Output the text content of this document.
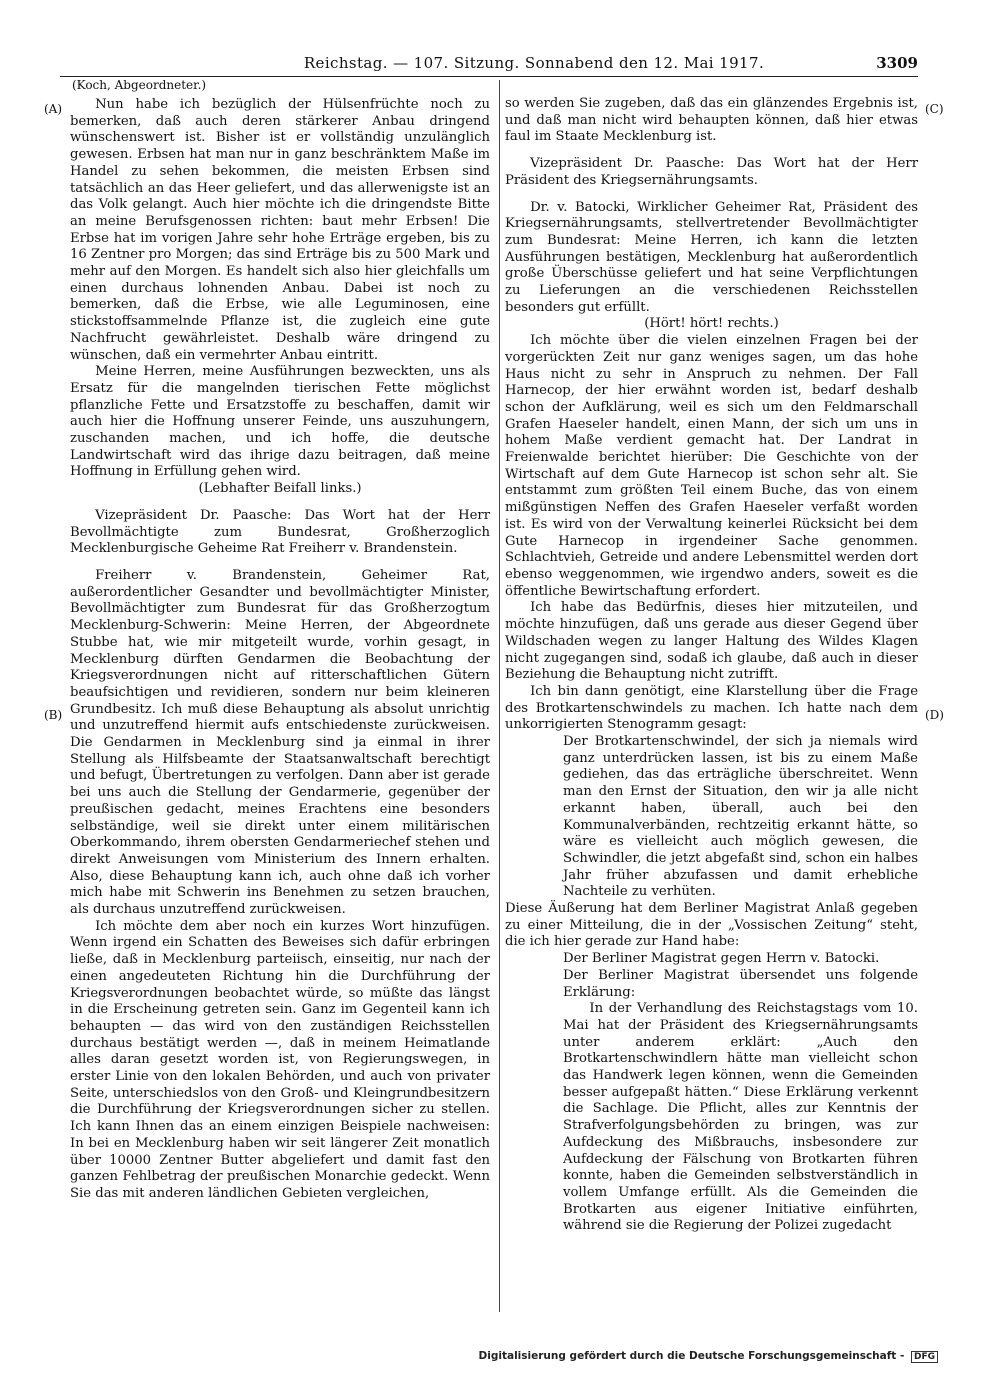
Reichstag. — 107. Sitzung. Sonnabend den 12. Mai 1917.	3309
(Koch, Abgeordneter.)
(A)
(B)
(C)
(D)

Nun habe ich bezüglich der Hülsenfrüchte noch zu bemerken, daß auch deren stärkerer Anbau dringend wünschenswert ist. Bisher ist er vollständig unzulänglich gewesen. Erbsen hat man nur in ganz beschränktem Maße im Handel zu sehen bekommen, die meisten Erbsen sind tatsächlich an das Heer geliefert, und das allerwenigste ist an das Volk gelangt. Auch hier möchte ich die dringendste Bitte an meine Berufsgenossen richten: baut mehr Erbsen! Die Erbse hat im vorigen Jahre sehr hohe Erträge ergeben, bis zu 16 Zentner pro Morgen; das sind Erträge bis zu 500 Mark und mehr auf den Morgen. Es handelt sich also hier gleichfalls um einen durchaus lohnenden Anbau. Dabei ist noch zu bemerken, daß die Erbse, wie alle Leguminosen, eine stickstoffsammelnde Pflanze ist, die zugleich eine gute Nachfrucht gewährleistet. Deshalb wäre dringend zu wünschen, daß ein vermehrter Anbau eintritt.

Meine Herren, meine Ausführungen bezweckten, uns als Ersatz für die mangelnden tierischen Fette möglichst pflanzliche Fette und Ersatzstoffe zu beschaffen, damit wir auch hier die Hoffnung unserer Feinde, uns auszuhungern, zuschanden machen, und ich hoffe, die deutsche Landwirtschaft wird das ihrige dazu beitragen, daß meine Hoffnung in Erfüllung gehen wird.

(Lebhafter Beifall links.)

Vizepräsident Dr. Paasche: Das Wort hat der Herr Bevollmächtigte zum Bundesrat, Großherzoglich Mecklenburgische Geheime Rat Freiherr v. Brandenstein.

Freiherr v. Brandenstein, Geheimer Rat, außerordentlicher Gesandter und bevollmächtigter Minister, Bevollmächtigter zum Bundesrat für das Großherzogtum Mecklenburg-Schwerin: Meine Herren, der Abgeordnete Stubbe hat, wie mir mitgeteilt wurde, vorhin gesagt, in Mecklenburg dürften Gendarmen die Beobachtung der Kriegsverordnungen nicht auf ritterschaftlichen Gütern beaufsichtigen und revidieren, sondern nur beim kleineren Grundbesitz. Ich muß diese Behauptung als absolut unrichtig und unzutreffend hiermit aufs entschiedenste zurückweisen. Die Gendarmen in Mecklenburg sind ja einmal in ihrer Stellung als Hilfsbeamte der Staatsanwaltschaft berechtigt und befugt, Übertretungen zu verfolgen. Dann aber ist gerade bei uns auch die Stellung der Gendarmerie, gegenüber der preußischen gedacht, meines Erachtens eine besonders selbständige, weil sie direkt unter einem militärischen Oberkommando, ihrem obersten Gendarmeriechef stehen und direkt Anweisungen vom Ministerium des Innern erhalten. Also, diese Behauptung kann ich, auch ohne daß ich vorher mich habe mit Schwerin ins Benehmen zu setzen brauchen, als durchaus unzutreffend zurückweisen.

Ich möchte dem aber noch ein kurzes Wort hinzufügen. Wenn irgend ein Schatten des Beweises sich dafür erbringen ließe, daß in Mecklenburg parteiisch, einseitig, nur nach der einen angedeuteten Richtung hin die Durchführung der Kriegsverordnungen beobachtet würde, so müßte das längst in die Erscheinung getreten sein. Ganz im Gegenteil kann ich behaupten — das wird von den zuständigen Reichsstellen durchaus bestätigt werden —, daß in meinem Heimatlande alles daran gesetzt worden ist, von Regierungswegen, in erster Linie von den lokalen Behörden, und auch von privater Seite, unterschiedslos von den Groß- und Kleingrundbesitzern die Durchführung der Kriegsverordnungen sicher zu stellen. Ich kann Ihnen das an einem einzigen Beispiele nachweisen: In bei en Mecklenburg haben wir seit längerer Zeit monatlich über 10000 Zentner Butter abgeliefert und damit fast den ganzen Fehlbetrag der preußischen Monarchie gedeckt. Wenn Sie das mit anderen ländlichen Gebieten vergleichen,

so werden Sie zugeben, daß das ein glänzendes Ergebnis ist, und daß man nicht wird behaupten können, daß hier etwas faul im Staate Mecklenburg ist.

Vizepräsident Dr. Paasche: Das Wort hat der Herr Präsident des Kriegsernährungsamts.

Dr. v. Batocki, Wirklicher Geheimer Rat, Präsident des Kriegsernährungsamts, stellvertretender Bevollmächtigter zum Bundesrat: Meine Herren, ich kann die letzten Ausführungen bestätigen, Mecklenburg hat außerordentlich große Überschüsse geliefert und hat seine Verpflichtungen zu Lieferungen an die verschiedenen Reichsstellen besonders gut erfüllt.

(Hört! hört! rechts.)

Ich möchte über die vielen einzelnen Fragen bei der vorgerückten Zeit nur ganz weniges sagen, um das hohe Haus nicht zu sehr in Anspruch zu nehmen. Der Fall Harnecop, der hier erwähnt worden ist, bedarf deshalb schon der Aufklärung, weil es sich um den Feldmarschall Grafen Haeseler handelt, einen Mann, der sich um uns in hohem Maße verdient gemacht hat. Der Landrat in Freienwalde berichtet hierüber: Die Geschichte von der Wirtschaft auf dem Gute Harnecop ist schon sehr alt. Sie entstammt zum größten Teil einem Buche, das von einem mißgünstigen Neffen des Grafen Haeseler verfaßt worden ist. Es wird von der Verwaltung keinerlei Rücksicht bei dem Gute Harnecop in irgendeiner Sache genommen. Schlachtvieh, Getreide und andere Lebensmittel werden dort ebenso weggenommen, wie irgendwo anders, soweit es die öffentliche Bewirtschaftung erfordert.

Ich habe das Bedürfnis, dieses hier mitzuteilen, und möchte hinzufügen, daß uns gerade aus dieser Gegend über Wildschaden wegen zu langer Haltung des Wildes Klagen nicht zugegangen sind, sodaß ich glaube, daß auch in dieser Beziehung die Behauptung nicht zutrifft.

Ich bin dann genötigt, eine Klarstellung über die Frage des Brotkartenschwindels zu machen. Ich hatte nach dem unkorrigierten Stenogramm gesagt:

Der Brotkartenschwindel, der sich ja niemals wird ganz unterdrücken lassen, ist bis zu einem Maße gediehen, das das erträgliche überschreitet. Wenn man den Ernst der Situation, den wir ja alle nicht erkannt haben, überall, auch bei den Kommunalverbänden, rechtzeitig erkannt hätte, so wäre es vielleicht auch möglich gewesen, die Schwindler, die jetzt abgefaßt sind, schon ein halbes Jahr früher abzufassen und damit erhebliche Nachteile zu verhüten.

Diese Äußerung hat dem Berliner Magistrat Anlaß gegeben zu einer Mitteilung, die in der „Vossischen Zeitung“ steht, die ich hier gerade zur Hand habe:

Der Berliner Magistrat gegen Herrn v. Batocki.

Der Berliner Magistrat übersendet uns folgende Erklärung:

In der Verhandlung des Reichstagstags vom 10. Mai hat der Präsident des Kriegsernährungsamts unter anderem erklärt: „Auch den Brotkartenschwindlern hätte man vielleicht schon das Handwerk legen können, wenn die Gemeinden besser aufgepaßt hätten.“ Diese Erklärung verkennt die Sachlage. Die Pflicht, alles zur Kenntnis der Strafverfolgungsbehörden zu bringen, was zur Aufdeckung des Mißbrauchs, insbesondere zur Aufdeckung der Fälschung von Brotkarten führen konnte, haben die Gemeinden selbstverständlich in vollem Umfange erfüllt. Als die Gemeinden die Brotkarten aus eigener Initiative einführten, während sie die Regierung der Polizei zugedacht

Digitalisierung gefördert durch die Deutsche Forschungsgemeinschaft - DFG
